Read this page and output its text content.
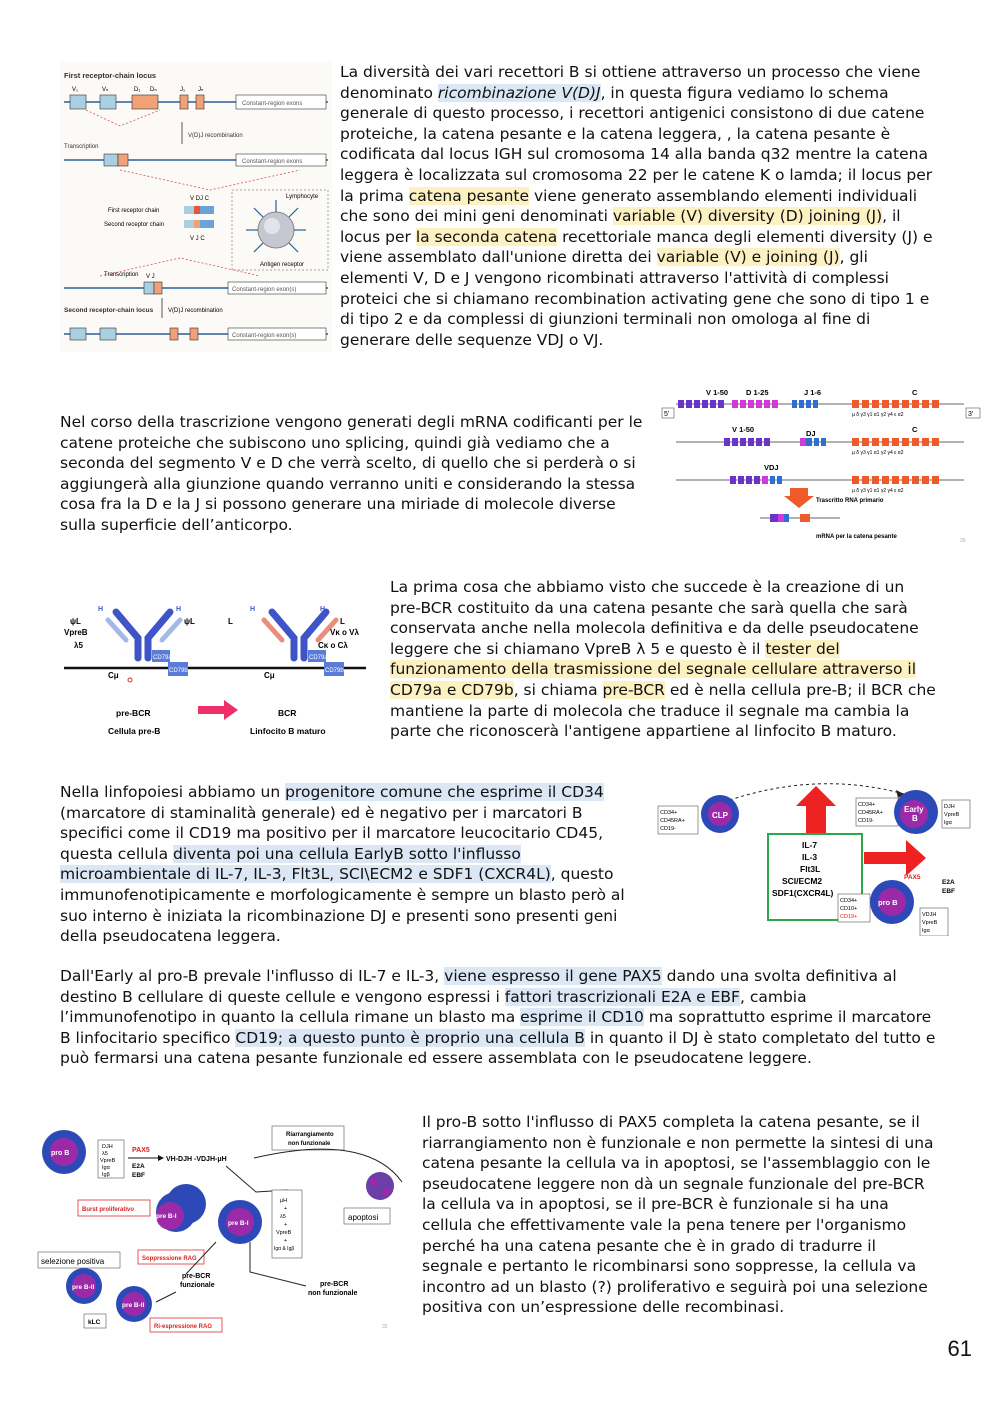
First receptor-chain locus
V₁	Vₙ	D₁ Dₙ	J₁ Jₙ
Constant-region exons
V(D)J recombination
Transcription
Constant-region exons
V DJ C
First receptor chain
Second receptor chain
V J C
Lymphocyte
Antigen receptor
Transcription
Constant-region exon(s)
V J
V(D)J recombination
Second receptor-chain locus
Constant-region exon(s)

La diversità dei vari recettori B si ottiene attraverso un processo che viene denominato ricombinazione V(D)J, in questa figura vediamo lo schema generale di questo processo, i recettori antigenici consistono di due catene proteiche, la catena pesante e la catena leggera, , la catena pesante è codificata dal locus IGH sul cromosoma 14 alla banda q32 mentre la catena leggera è localizzata sul cromosoma 22 per le catene K o lamda; il locus per la prima catena pesante viene generato assemblando elementi individuali che sono dei mini geni denominati variable (V) diversity (D) joining (J), il locus per la seconda catena recettoriale manca degli elementi diversity (J) e viene assemblato dall'unione diretta dei variable (V) e joining (J), gli elementi V, D e J vengono ricombinati attraverso l'attività di complessi proteici che si chiamano recombination activating gene che sono di tipo 1 e di tipo 2 e da complessi di giunzioni terminali non omologa al fine di generare delle sequenze VDJ o VJ.

V 1-50 D 1-25	J 1-6	C
5'	3'
µ δ γ3 γ1 α1 γ2 γ4 ε α2
V 1-50	DJ	C
µ δ γ3 γ1 α1 γ2 γ4 ε α2
VDJ
µ δ γ3 γ1 α1 γ2 γ4 ε α2
Trascritto RNA primario
mRNA per la catena pesante
26

Nel corso della trascrizione vengono generati degli mRNA codificanti per le catene proteiche che subiscono uno splicing, quindi già vediamo che a seconda del segmento V e D che verrà scelto, di quello che si perderà o si aggiungerà alla giunzione quando verranno uniti e considerando la stessa cosa fra la D e la J si possono generare una miriade di molecole diverse sulla superficie dell’anticorpo.

CD79a
CD79b
CD79a
CD79b
ψL
VpreB
λ5
H	H
ψL
Cμ
L
H	H
L
Vκ o Vλ
Cκ o Cλ
Cμ
pre-BCR
Cellula pre-B
BCR
Linfocito B maturo

La prima cosa che abbiamo visto che succede è la creazione di un pre-BCR costituito da una catena pesante che sarà quella che sarà conservata anche nella molecola definitiva e da delle pseudocatene leggere che si chiamano VpreB λ 5 e questo è il tester del funzionamento della trasmissione del segnale cellulare attraverso il CD79a e CD79b, si chiama pre-BCR ed è nella cellula pre-B; il BCR che mantiene la parte di molecola che traduce il segnale ma cambia la parte che riconoscerà l'antigene appartiene al linfocito B maturo.

Nella linfopoiesi abbiamo un progenitore comune che esprime il CD34 (marcatore di staminalità generale) ed è negativo per i marcatori B specifici come il CD19 ma positivo per il marcatore leucocitario CD45, questa cellula diventa poi una cellula EarlyB sotto l'influsso microambientale di IL-7, IL-3, Flt3L, SCI\ECM2 e SDF1 (CXCR4L), questo immunofenotipicamente e morfologicamente è sempre un blasto però al suo interno è iniziata la ricombinazione DJ e presenti sono presenti geni della pseudocatena leggera.

CD34+
CD45RA+
CD19-
CLP
CD34+
CD45RA+
CD19-
Early
B
DJH
VpreB
Igα
IL-7
IL-3
Flt3L
SCI/ECM2
SDF1(CXCR4L)
PAX5
E2A
EBF
CD34+
CD10+
CD19+
pro B
VDJH
VpreB
Igα

Dall'Early al pro-B prevale l'influsso di IL-7 e IL-3, viene espresso il gene PAX5 dando una svolta definitiva al destino B cellulare di queste cellule e vengono espressi i fattori trascrizionali E2A e EBF, cambia l’immunofenotipo in quanto la cellula rimane un blasto ma esprime il CD10 ma soprattutto esprime il marcatore B linfocitario specifico CD19; a questo punto è proprio una cellula B in quanto il DJ è stato completato del tutto e può fermarsi una catena pesante funzionale ed essere assemblata con le pseudocatene leggere.

pro B
DJH
λ5
VpreB
Igα
Igβ
PAX5
E2A
EBF
VH-DJH -VDJH-μH
Riarrangiamento
non funzionale
Burst proliferativo
pre B-I
pre B-I
μH
+
λ5
+
VpreB
+
Igα & Igβ
apoptosi
selezione positiva	Soppressione RAG
pre-BCR
funzionale	pre-BCR
non funzionale
pre B-II
pre B-II
kLC
Ri-espressione RAG	32

Il pro-B sotto l'influsso di PAX5 completa la catena pesante, se il riarrangiamento non è funzionale e non permette la sintesi di una catena pesante la cellula va in apoptosi, se l'assemblaggio con le pseudocatene leggere non dà un segnale funzionale del pre-BCR la cellula va in apoptosi, se il pre-BCR è funzionale si ha una cellula che effettivamente vale la pena tenere per l'organismo perché ha una catena pesante che è in grado di tradurre il segnale e pertanto le ricombinarsi sono soppresse, la cellula va incontro ad un blasto (?) proliferativo e seguirà poi una selezione positiva con un’espressione delle recombinasi.

61
